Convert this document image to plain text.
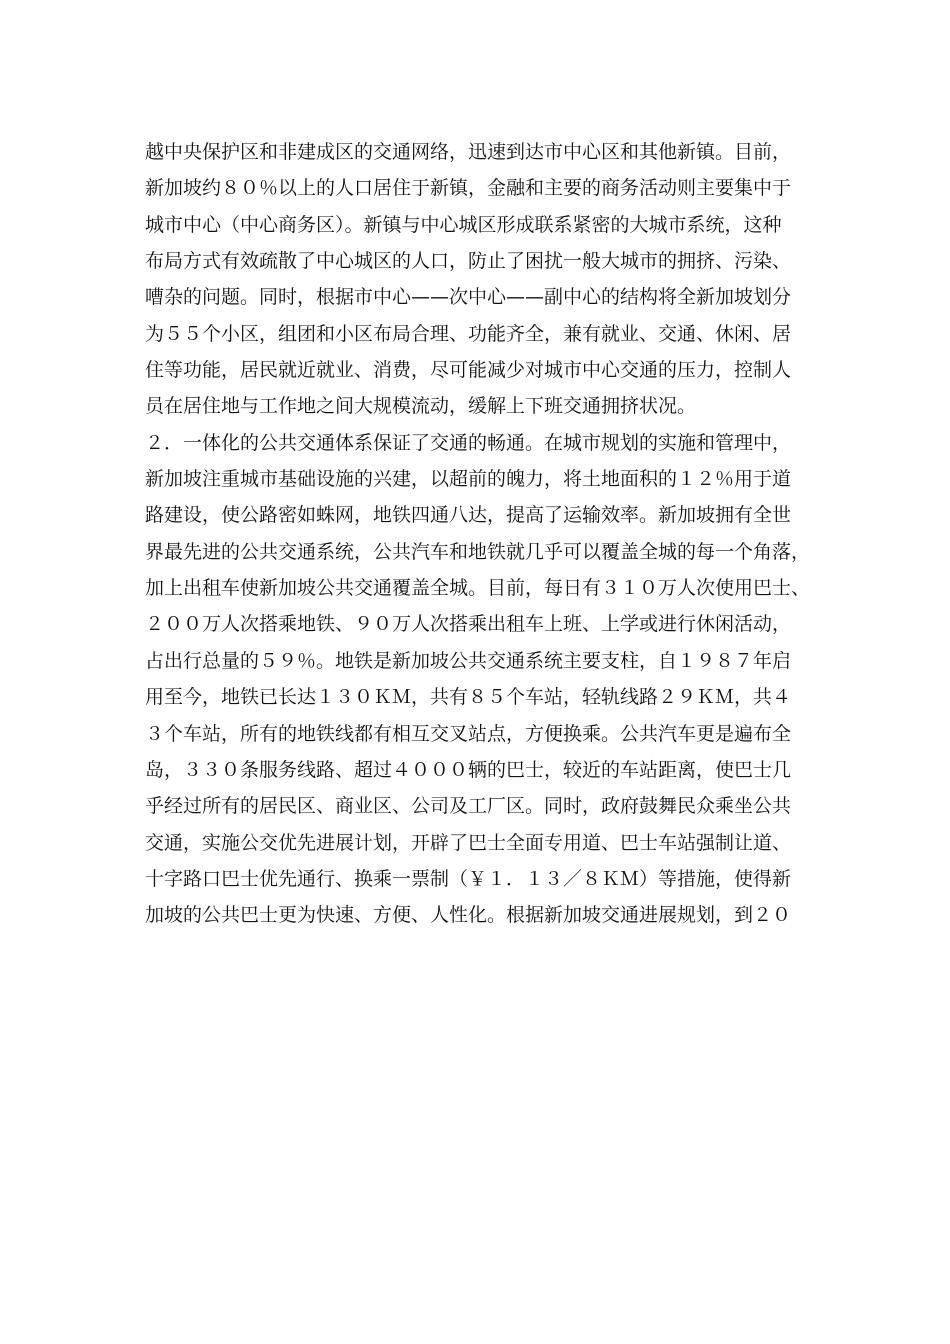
越中央保护区和非建成区的交通网络，迅速到达市中心区和其他新镇。目前，
新加坡约８０％以上的人口居住于新镇，金融和主要的商务活动则主要集中于
城市中心（中心商务区）。新镇与中心城区形成联系紧密的大城市系统，这种
布局方式有效疏散了中心城区的人口，防止了困扰一般大城市的拥挤、污染、
嘈杂的问题。同时，根据市中心——次中心——副中心的结构将全新加坡划分
为５５个小区，组团和小区布局合理、功能齐全，兼有就业、交通、休闲、居
住等功能，居民就近就业、消费，尽可能减少对城市中心交通的压力，控制人
员在居住地与工作地之间大规模流动，缓解上下班交通拥挤状况。
２．一体化的公共交通体系保证了交通的畅通。在城市规划的实施和管理中，
新加坡注重城市基础设施的兴建，以超前的魄力，将土地面积的１２％用于道
路建设，使公路密如蛛网，地铁四通八达，提高了运输效率。新加坡拥有全世
界最先进的公共交通系统，公共汽车和地铁就几乎可以覆盖全城的每一个角落，
加上出租车使新加坡公共交通覆盖全城。目前，每日有３１０万人次使用巴士、
２００万人次搭乘地铁、９０万人次搭乘出租车上班、上学或进行休闲活动，
占出行总量的５９％。地铁是新加坡公共交通系统主要支柱，自１９８７年启
用至今，地铁已长达１３０ＫＭ，共有８５个车站，轻轨线路２９ＫＭ，共４
３个车站，所有的地铁线都有相互交叉站点，方便换乘。公共汽车更是遍布全
岛，３３０条服务线路、超过４０００辆的巴士，较近的车站距离，使巴士几
乎经过所有的居民区、商业区、公司及工厂区。同时，政府鼓舞民众乘坐公共
交通，实施公交优先进展计划，开辟了巴士全面专用道、巴士车站强制让道、
十字路口巴士优先通行、换乘一票制（￥１．１３／８ＫＭ）等措施，使得新
加坡的公共巴士更为快速、方便、人性化。根据新加坡交通进展规划，到２０
